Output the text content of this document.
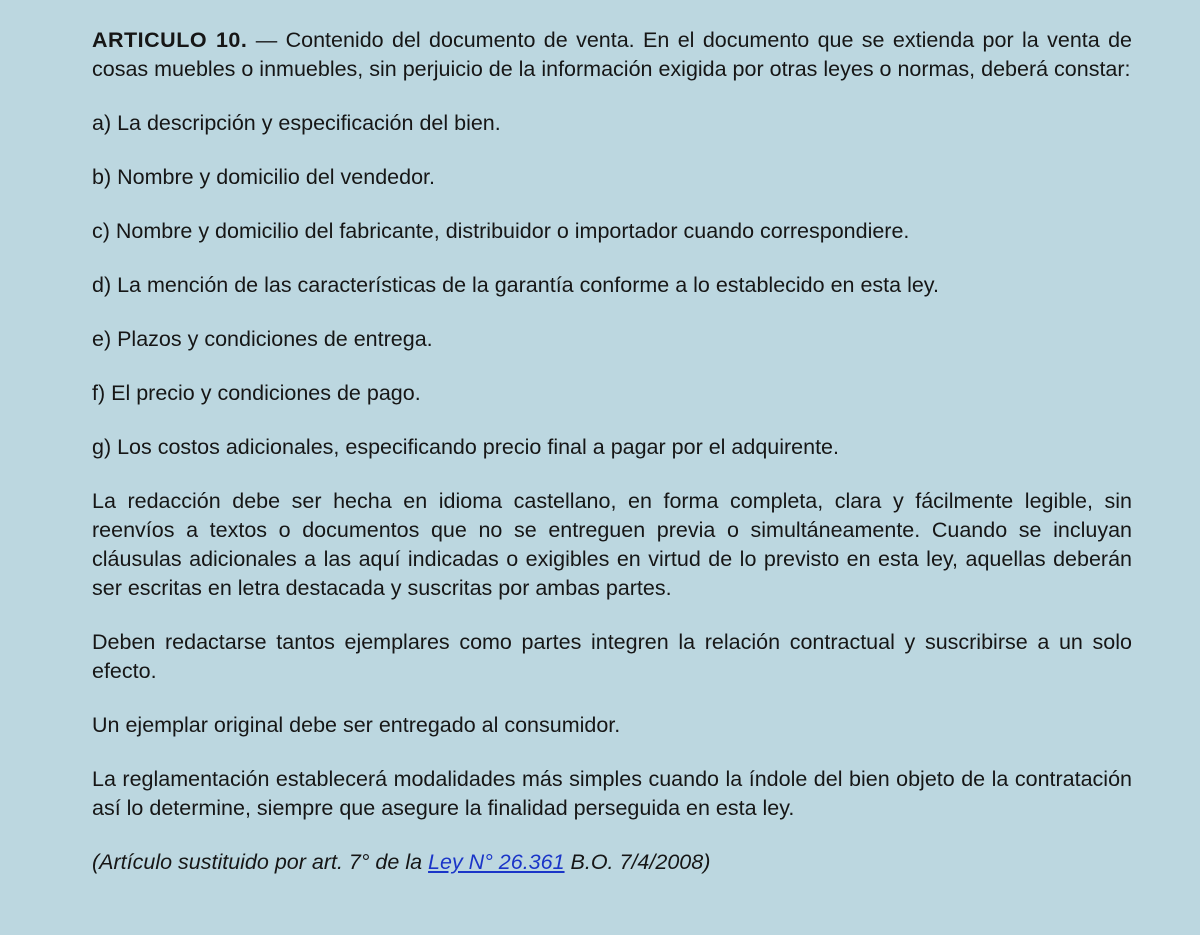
ARTICULO 10. — Contenido del documento de venta. En el documento que se extienda por la venta de cosas muebles o inmuebles, sin perjuicio de la información exigida por otras leyes o normas, deberá constar:

a) La descripción y especificación del bien.

b) Nombre y domicilio del vendedor.

c) Nombre y domicilio del fabricante, distribuidor o importador cuando correspondiere.

d) La mención de las características de la garantía conforme a lo establecido en esta ley.

e) Plazos y condiciones de entrega.

f) El precio y condiciones de pago.

g) Los costos adicionales, especificando precio final a pagar por el adquirente.

La redacción debe ser hecha en idioma castellano, en forma completa, clara y fácilmente legible, sin reenvíos a textos o documentos que no se entreguen previa o simultáneamente. Cuando se incluyan cláusulas adicionales a las aquí indicadas o exigibles en virtud de lo previsto en esta ley, aquellas deberán ser escritas en letra destacada y suscritas por ambas partes.

Deben redactarse tantos ejemplares como partes integren la relación contractual y suscribirse a un solo efecto.

Un ejemplar original debe ser entregado al consumidor.

La reglamentación establecerá modalidades más simples cuando la índole del bien objeto de la contratación así lo determine, siempre que asegure la finalidad perseguida en esta ley.

(Artículo sustituido por art. 7° de la Ley N° 26.361 B.O. 7/4/2008)
